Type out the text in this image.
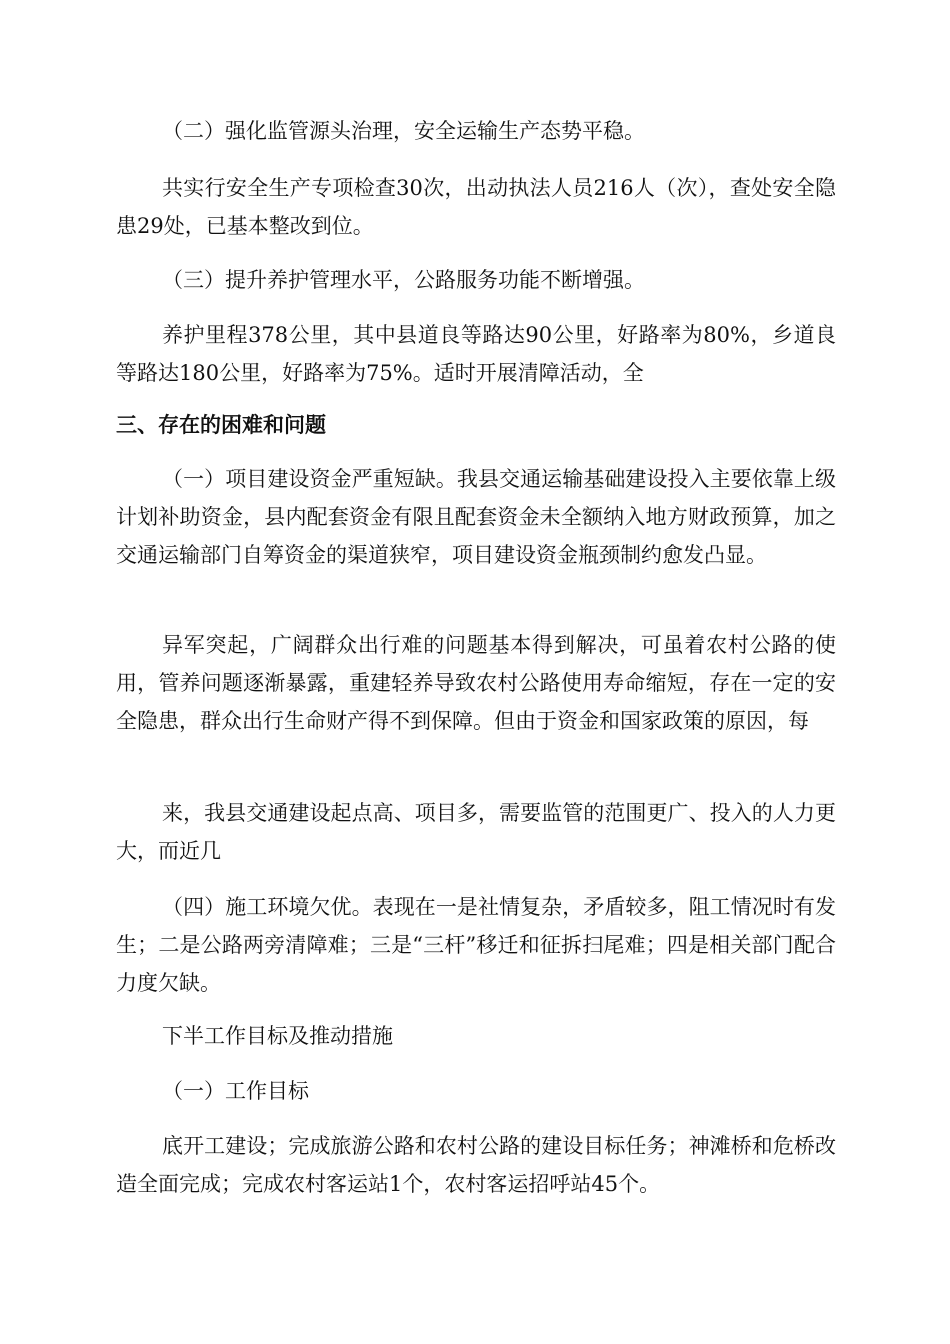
（二）强化监管源头治理，安全运输生产态势平稳。

共实行安全生产专项检查30次，出动执法人员216人（次），查处安全隐患29处，已基本整改到位。

（三）提升养护管理水平，公路服务功能不断增强。

养护里程378公里，其中县道良等路达90公里，好路率为80%，乡道良等路达180公里，好路率为75%。适时开展清障活动，全

三、存在的困难和问题

（一）项目建设资金严重短缺。我县交通运输基础建设投入主要依靠上级计划补助资金，县内配套资金有限且配套资金未全额纳入地方财政预算，加之交通运输部门自筹资金的渠道狭窄，项目建设资金瓶颈制约愈发凸显。

异军突起，广阔群众出行难的问题基本得到解决，可虽着农村公路的使用，管养问题逐渐暴露，重建轻养导致农村公路使用寿命缩短，存在一定的安全隐患，群众出行生命财产得不到保障。但由于资金和国家政策的原因，每

来，我县交通建设起点高、项目多，需要监管的范围更广、投入的人力更大，而近几

（四）施工环境欠优。表现在一是社情复杂，矛盾较多，阻工情况时有发生；二是公路两旁清障难；三是“三杆”移迁和征拆扫尾难；四是相关部门配合力度欠缺。

下半工作目标及推动措施

（一）工作目标

底开工建设；完成旅游公路和农村公路的建设目标任务；神滩桥和危桥改造全面完成；完成农村客运站1个，农村客运招呼站45个。
